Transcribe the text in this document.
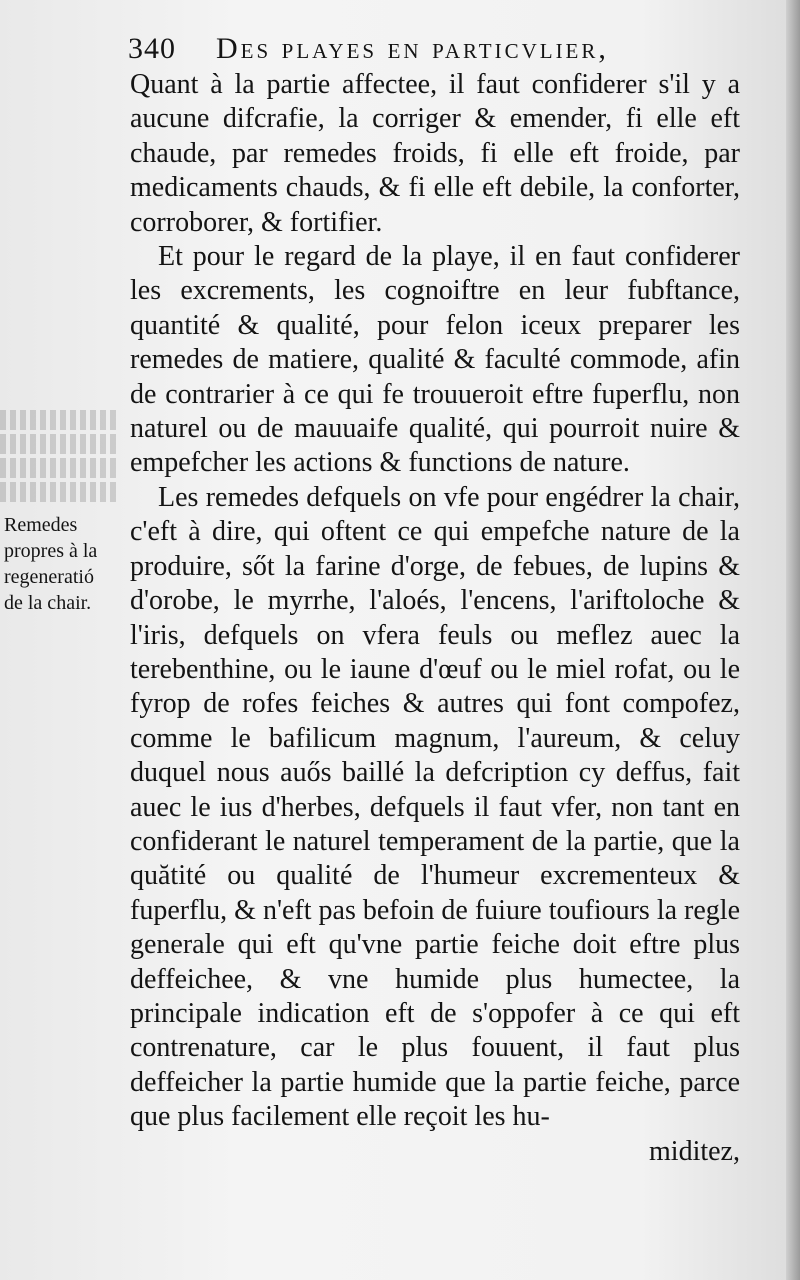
340 Des playes en particvlier,
Remedes
propres à la
regeneratió
de la chair.

Quant à la partie affectee, il faut confiderer s'il y a aucune difcrafie, la corriger & emender, fi elle eft chaude, par remedes froids, fi elle eft froide, par medicaments chauds, & fi elle eft debile, la conforter, corroborer, & fortifier.

Et pour le regard de la playe, il en faut confiderer les excrements, les cognoiftre en leur fubftance, quantité & qualité, pour felon iceux preparer les remedes de matiere, qualité & faculté commode, afin de contrarier à ce qui fe trouueroit eftre fuperflu, non naturel ou de mauuaife qualité, qui pourroit nuire & empefcher les actions & functions de nature.

Les remedes defquels on vfe pour engédrer la chair, c'eft à dire, qui oftent ce qui empefche nature de la produire, sőt la farine d'orge, de febues, de lupins & d'orobe, le myrrhe, l'aloés, l'encens, l'ariftoloche & l'iris, defquels on vfera feuls ou meflez auec la terebenthine, ou le iaune d'œuf ou le miel rofat, ou le fyrop de rofes feiches & autres qui font compofez, comme le bafilicum magnum, l'aureum, & celuy duquel nous auős baillé la defcription cy deffus, fait auec le ius d'herbes, defquels il faut vfer, non tant en confiderant le naturel temperament de la partie, que la quătité ou qualité de l'humeur excrementeux & fuperflu, & n'eft pas befoin de fuiure toufiours la regle generale qui eft qu'vne partie feiche doit eftre plus deffeichee, & vne humide plus humectee, la principale indication eft de s'oppofer à ce qui eft contrenature, car le plus fouuent, il faut plus deffeicher la partie humide que la partie feiche, parce que plus facilement elle reçoit les hu-

miditez,
